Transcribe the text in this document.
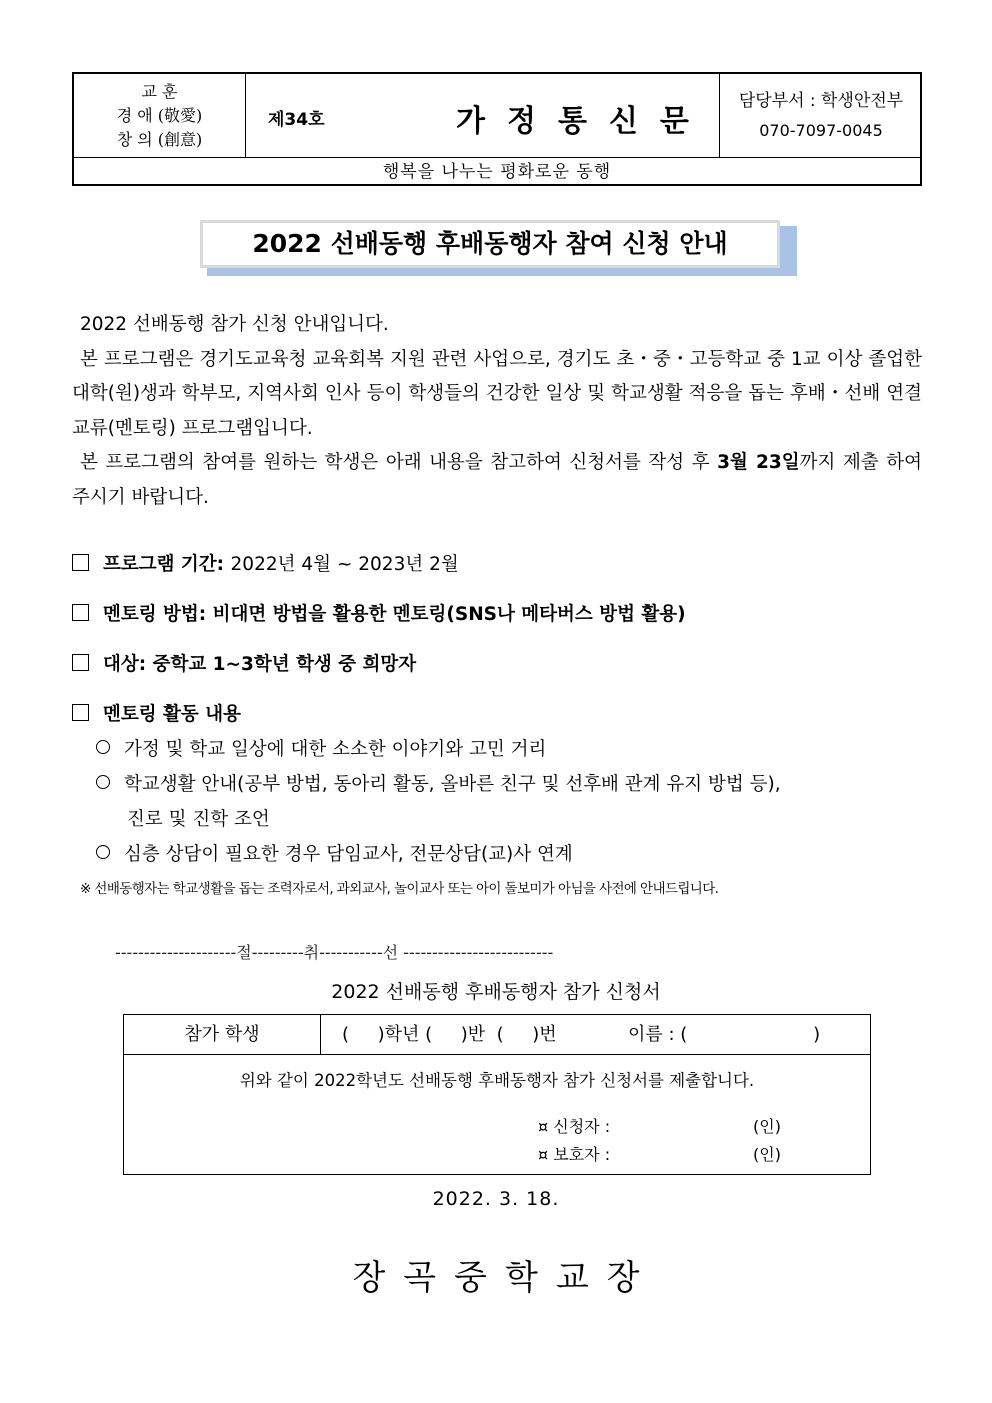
교 훈
경 애 (敬愛)
창 의 (創意)
제34호	가정통신문
담당부서 : 학생안전부
070-7097-0045
행복을 나누는 평화로운 동행
2022 선배동행 후배동행자 참여 신청 안내

2022 선배동행 참가 신청 안내입니다.

본 프로그램은 경기도교육청 교육회복 지원 관련 사업으로, 경기도 초・중・고등학교 중 1교 이상 졸업한 대학(원)생과 학부모, 지역사회 인사 등이 학생들의 건강한 일상 및 학교생활 적응을 돕는 후배・선배 연결 교류(멘토링) 프로그램입니다.

본 프로그램의 참여를 원하는 학생은 아래 내용을 참고하여 신청서를 작성 후 3월 23일까지 제출 하여 주시기 바랍니다.

프로그램 기간: 2022년 4월 ~ 2023년 2월
멘토링 방법: 비대면 방법을 활용한 멘토링(SNS나 메타버스 방법 활용)
대상: 중학교 1~3학년 학생 중 희망자
멘토링 활동 내용
가정 및 학교 일상에 대한 소소한 이야기와 고민 거리
학교생활 안내(공부 방법, 동아리 활동, 올바른 친구 및 선후배 관계 유지 방법 등),
진로 및 진학 조언
심층 상담이 필요한 경우 담임교사, 전문상담(교)사 연계
※ 선배동행자는 학교생활을 돕는 조력자로서, 과외교사, 놀이교사 또는 아이 돌보미가 아님을 사전에 안내드립니다.
---------------------절---------취-----------선 --------------------------
2022 선배동행 후배동행자 참가 신청서
참가 학생	(     )학년 (     )반  (     )번	이름 : (                      )
위와 같이 2022학년도 선배동행 후배동행자 참가 신청서를 제출합니다.
¤ 신청자 :	(인)
¤ 보호자 :	(인)
2022. 3. 18.
장곡중학교장
